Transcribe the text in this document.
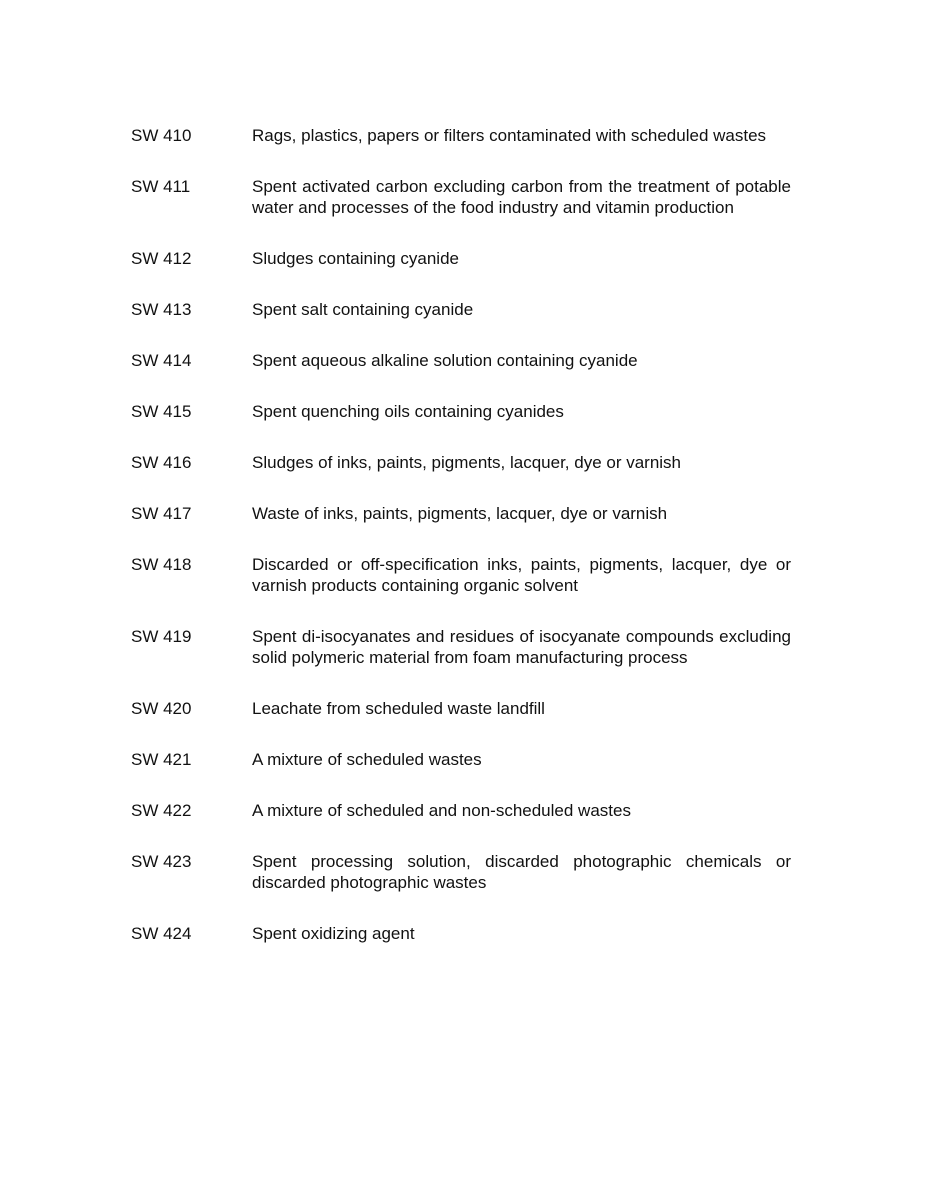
SW 410	Rags, plastics, papers or filters contaminated with scheduled wastes
SW 411	Spent activated carbon excluding carbon from the treatment of potable water and processes of the food industry and vitamin production
SW 412	Sludges containing cyanide
SW 413	Spent salt containing cyanide
SW 414	Spent aqueous alkaline solution containing cyanide
SW 415	Spent quenching oils containing cyanides
SW 416	Sludges of inks, paints, pigments, lacquer, dye or varnish
SW 417	Waste of inks, paints, pigments, lacquer, dye or varnish
SW 418	Discarded or off-specification inks, paints, pigments, lacquer, dye or varnish products containing organic solvent
SW 419	Spent di-isocyanates and residues of isocyanate compounds excluding solid polymeric material from foam manufacturing process
SW 420	Leachate from scheduled waste landfill
SW 421	A mixture of scheduled wastes
SW 422	A mixture of scheduled and non-scheduled wastes
SW 423	Spent processing solution, discarded photographic chemicals or discarded photographic wastes
SW 424	Spent oxidizing agent
